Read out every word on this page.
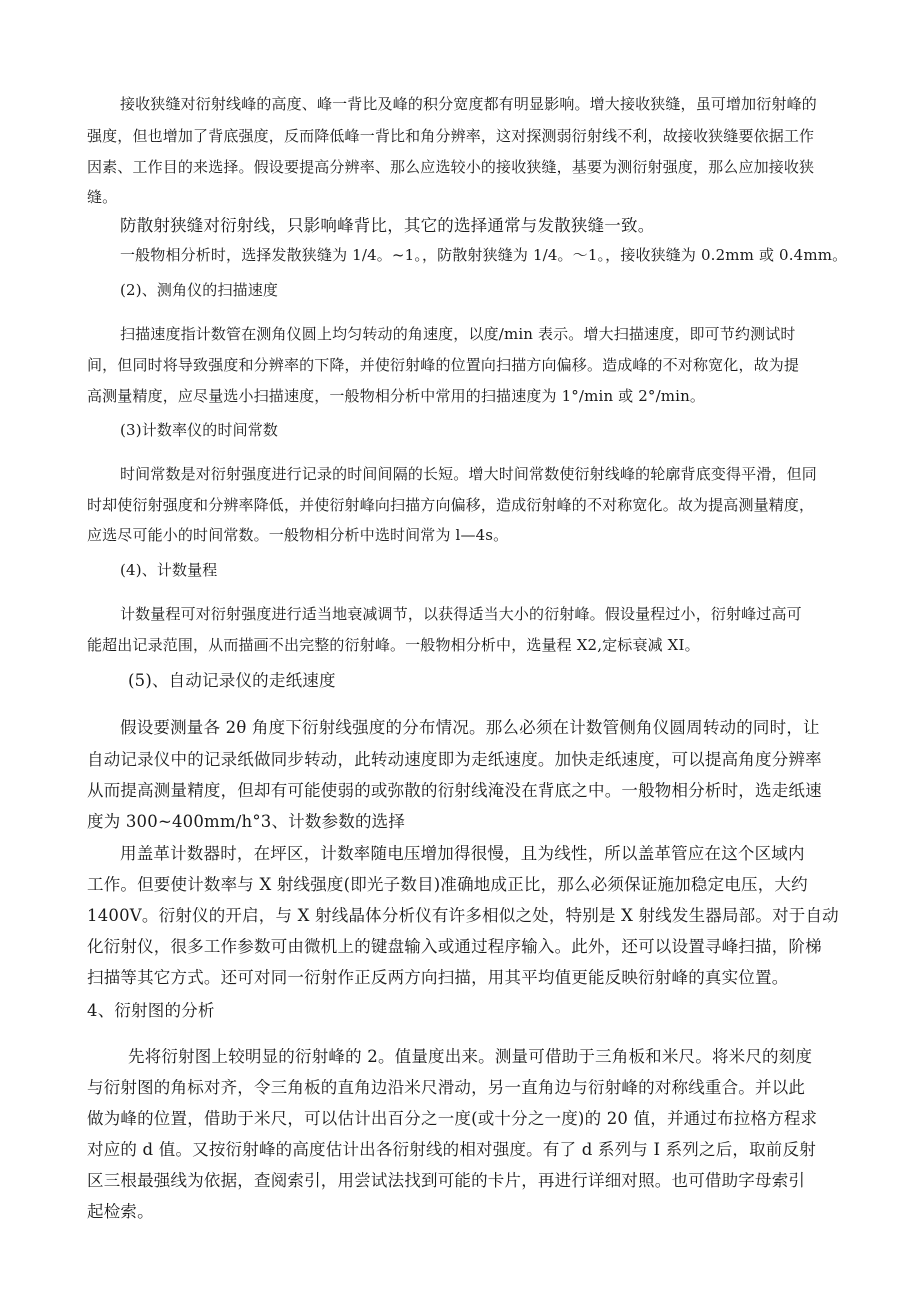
接收狭缝对衍射线峰的高度、峰一背比及峰的积分宽度都有明显影响。增大接收狭缝，虽可增加衍射峰的

强度，但也增加了背底强度，反而降低峰一背比和角分辨率，这对探测弱衍射线不利，故接收狭缝要依据工作

因素、工作目的来选择。假设要提高分辨率、那么应选较小的接收狭缝，基要为测衍射强度，那么应加接收狭

缝。

防散射狭缝对衍射线，只影响峰背比，其它的选择通常与发散狭缝一致。

一般物相分析时，选择发散狭缝为 1/4。~1。，防散射狭缝为 1/4。～1。，接收狭缝为 0.2mm 或 0.4mm。

(2)、测角仪的扫描速度

扫描速度指计数管在测角仪圆上均匀转动的角速度，以度∕min 表示。增大扫描速度，即可节约测试时

间，但同时将导致强度和分辨率的下降，并使衍射峰的位置向扫描方向偏移。造成峰的不对称宽化，故为提

高测量精度，应尽量选小扫描速度，一般物相分析中常用的扫描速度为 1°∕min 或 2°/min。

(3)计数率仪的时间常数

时间常数是对衍射强度进行记录的时间间隔的长短。增大时间常数使衍射线峰的轮廓背底变得平滑，但同

时却使衍射强度和分辨率降低，并使衍射峰向扫描方向偏移，造成衍射峰的不对称宽化。故为提高测量精度，

应选尽可能小的时间常数。一般物相分析中选时间常为 l—4s。

(4)、计数量程

计数量程可对衍射强度进行适当地衰减调节，以获得适当大小的衍射峰。假设量程过小，衍射峰过高可

能超出记录范围，从而描画不出完整的衍射峰。一般物相分析中，选量程 X2,定标衰减 XI。

(5)、自动记录仪的走纸速度

假设要测量各 2θ 角度下衍射线强度的分布情况。那么必须在计数管侧角仪圆周转动的同时，让

自动记录仪中的记录纸做同步转动，此转动速度即为走纸速度。加快走纸速度，可以提高角度分辨率

从而提高测量精度，但却有可能使弱的或弥散的衍射线淹没在背底之中。一般物相分析时，选走纸速

度为 300~400mm∕h°3、计数参数的选择

用盖革计数器时，在坪区，计数率随电压增加得很慢，且为线性，所以盖革管应在这个区域内

工作。但要使计数率与 X 射线强度(即光子数目)准确地成正比，那么必须保证施加稳定电压，大约

1400V。衍射仪的开启，与 X 射线晶体分析仪有许多相似之处，特别是 X 射线发生器局部。对于自动

化衍射仪，很多工作参数可由微机上的键盘输入或通过程序输入。此外，还可以设置寻峰扫描，阶梯

扫描等其它方式。还可对同一衍射作正反两方向扫描，用其平均值更能反映衍射峰的真实位置。

4、衍射图的分析

先将衍射图上较明显的衍射峰的 2。值量度出来。测量可借助于三角板和米尺。将米尺的刻度

与衍射图的角标对齐，令三角板的直角边沿米尺滑动，另一直角边与衍射峰的对称线重合。并以此

做为峰的位置，借助于米尺，可以估计出百分之一度(或十分之一度)的 20 值，并通过布拉格方程求

对应的 d 值。又按衍射峰的高度估计出各衍射线的相对强度。有了 d 系列与 I 系列之后，取前反射

区三根最强线为依据，查阅索引，用尝试法找到可能的卡片，再进行详细对照。也可借助字母索引

起检索。
